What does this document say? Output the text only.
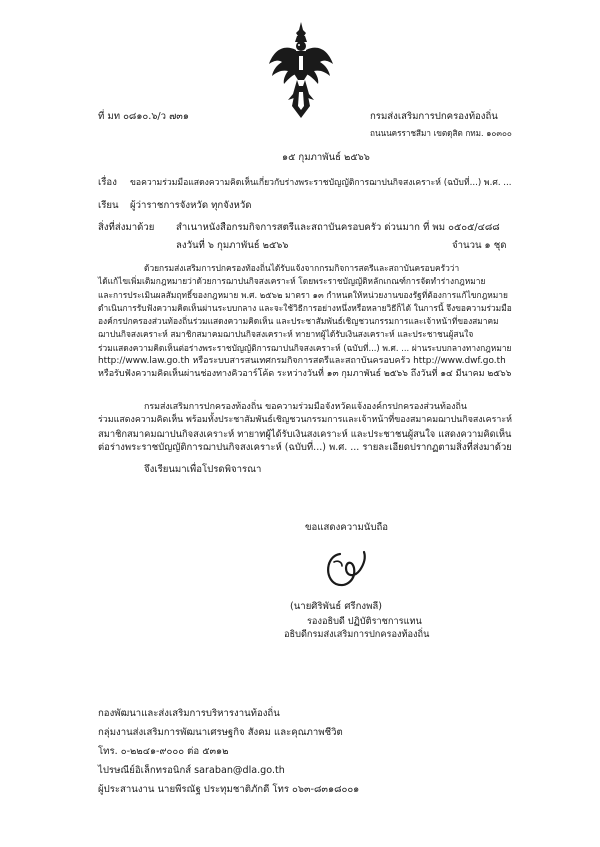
ที่ มท ๐๘๑๐.๖/ว ๗๓๑	กรมส่งเสริมการปกครองท้องถิ่น
ถนนนครราชสีมา เขตดุสิต กทม. ๑๐๓๐๐
๑๕ กุมภาพันธ์ ๒๕๖๖
เรื่อง ขอความร่วมมือแสดงความคิดเห็นเกี่ยวกับร่างพระราชบัญญัติการฌาปนกิจสงเคราะห์ (ฉบับที่...) พ.ศ. ...
เรียน ผู้ว่าราชการจังหวัด ทุกจังหวัด
สิ่งที่ส่งมาด้วย สำเนาหนังสือกรมกิจการสตรีและสถาบันครอบครัว ด่วนมาก ที่ พม ๐๕๐๕/๔๘๘
ลงวันที่ ๖ กุมภาพันธ์ ๒๕๖๖	จำนวน ๑ ชุด
ด้วยกรมส่งเสริมการปกครองท้องถิ่นได้รับแจ้งจากกรมกิจการสตรีและสถาบันครอบครัวว่า
ได้แก้ไขเพิ่มเติมกฎหมายว่าด้วยการฌาปนกิจสงเคราะห์ โดยพระราชบัญญัติหลักเกณฑ์การจัดทำร่างกฎหมาย
และการประเมินผลสัมฤทธิ์ของกฎหมาย พ.ศ. ๒๕๖๒ มาตรา ๑๓ กำหนดให้หน่วยงานของรัฐที่ต้องการแก้ไขกฎหมาย
ดำเนินการรับฟังความคิดเห็นผ่านระบบกลาง และจะใช้วิธีการอย่างหนึ่งหรือหลายวิธีก็ได้ ในการนี้ จึงขอความร่วมมือ
องค์กรปกครองส่วนท้องถิ่นร่วมแสดงความคิดเห็น และประชาสัมพันธ์เชิญชวนกรรมการและเจ้าหน้าที่ของสมาคม
ฌาปนกิจสงเคราะห์ สมาชิกสมาคมฌาปนกิจสงเคราะห์ ทายาทผู้ได้รับเงินสงเคราะห์ และประชาชนผู้สนใจ
ร่วมแสดงความคิดเห็นต่อร่างพระราชบัญญัติการฌาปนกิจสงเคราะห์ (ฉบับที่...) พ.ศ. ... ผ่านระบบกลางทางกฎหมาย
http://www.law.go.th หรือระบบสารสนเทศกรมกิจการสตรีและสถาบันครอบครัว http://www.dwf.go.th
หรือรับฟังความคิดเห็นผ่านช่องทางคิวอาร์โค้ด ระหว่างวันที่ ๑๓ กุมภาพันธ์ ๒๕๖๖ ถึงวันที่ ๑๔ มีนาคม ๒๕๖๖
กรมส่งเสริมการปกครองท้องถิ่น ขอความร่วมมือจังหวัดแจ้งองค์กรปกครองส่วนท้องถิ่น
ร่วมแสดงความคิดเห็น พร้อมทั้งประชาสัมพันธ์เชิญชวนกรรมการและเจ้าหน้าที่ของสมาคมฌาปนกิจสงเคราะห์
สมาชิกสมาคมฌาปนกิจสงเคราะห์ ทายาทผู้ได้รับเงินสงเคราะห์ และประชาชนผู้สนใจ แสดงความคิดเห็น
ต่อร่างพระราชบัญญัติการฌาปนกิจสงเคราะห์ (ฉบับที่...) พ.ศ. ... รายละเอียดปรากฏตามสิ่งที่ส่งมาด้วย
จึงเรียนมาเพื่อโปรดพิจารณา
ขอแสดงความนับถือ
(นายศิริพันธ์ ศรีกงพลี)
รองอธิบดี ปฏิบัติราชการแทน
อธิบดีกรมส่งเสริมการปกครองท้องถิ่น
กองพัฒนาและส่งเสริมการบริหารงานท้องถิ่น
กลุ่มงานส่งเสริมการพัฒนาเศรษฐกิจ สังคม และคุณภาพชีวิต
โทร. ๐-๒๒๔๑-๙๐๐๐ ต่อ ๕๓๑๒
ไปรษณีย์อิเล็กทรอนิกส์ saraban@dla.go.th
ผู้ประสานงาน นายพีรณัฐ ประทุมชาติภักดี โทร ๐๖๓-๘๓๑๘๐๐๑
